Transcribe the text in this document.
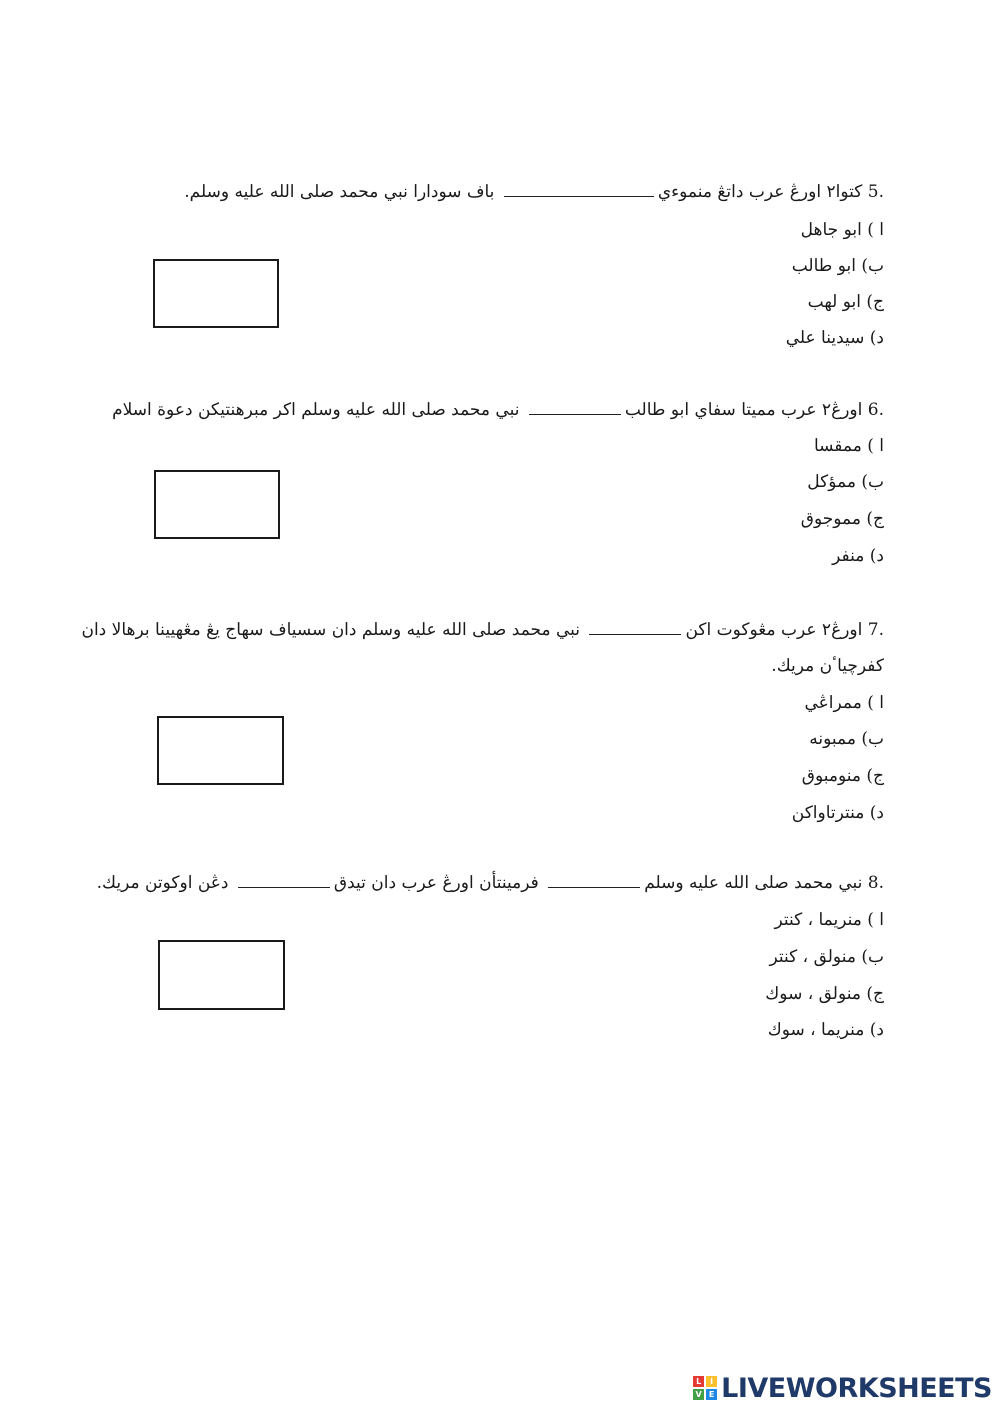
5. كتوا٢ اورڠ عرب داتڠ منموءي باف سودارا نبي محمد صلى الله عليه وسلم.
ا ) ابو جاهل
ب) ابو طالب
ج) ابو لهب
د) سيدينا علي
6. اورڠ٢ عرب مميتا سفاي ابو طالب نبي محمد صلى الله عليه وسلم اكر مبرهنتيكن دعوة اسلام
ا ) ممقسا
ب) ممؤكل
ج) مموجوق
د) منفر
7. اورڠ٢ عرب مڠوكوت اكن نبي محمد صلى الله عليه وسلم دان سسياف سهاج يڠ مڠهيينا برهالا دان
كفرچياٴن مريك.
ا ) ممراڠي
ب) ممبونه
ج) منومبوق
د) منترتاواكن
8. نبي محمد صلى الله عليه وسلم فرمينتأن اورڠ عرب دان تيدق دڠن اوكوتن مريك.
ا ) منريما ، كنتر
ب) منولق ، كنتر
ج) منولق ، سوك
د) منريما ، سوك
L	I
V E LIVEWORKSHEETS
